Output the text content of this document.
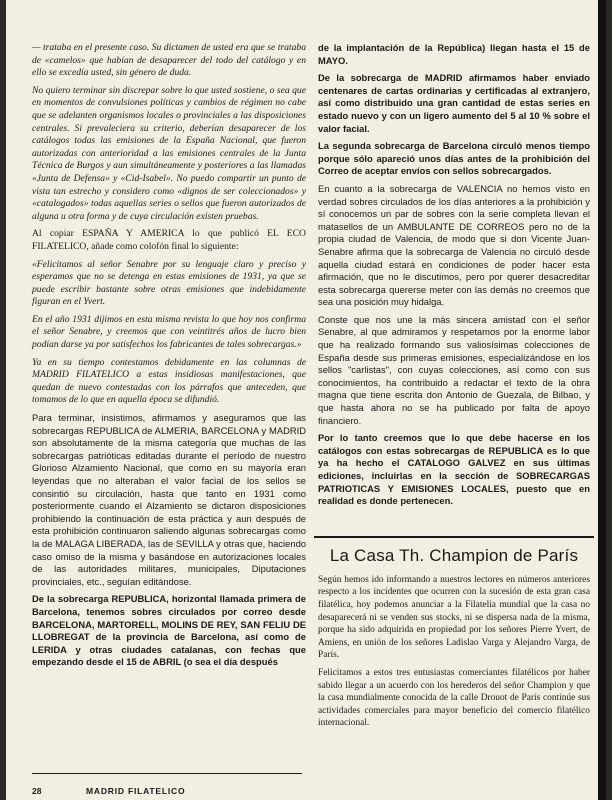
— trataba en el presente caso. Su dictamen de usted era que se trataba de «camelos» que habían de desaparecer del todo del catálogo y en ello se excedía usted, sin género de duda.

No quiero terminar sin discrepar sobre lo que usted sostiene, o sea que en momentos de convulsiones políticas y cambios de régimen no cabe que se adelanten organismos locales o provinciales a las disposiciones centrales. Si prevaleciera su criterio, deberían desaparecer de los catálogos todas las emisiones de la España Nacional, que fueron autorizadas con anterioridad a las emisiones centrales de la Junta Técnica de Burgos y aun simultáneamente y posteriores a las llamadas «Junta de Defensa» y «Cid-Isabel». No puedo compartir un punto de vista tan estrecho y considero como «dignos de ser coleccionados» y «catalogados» todas aquellas series o sellos que fueron autorizados de alguna u otra forma y de cuya circulación existen pruebas.

Al copiar ESPAÑA Y AMERICA lo que publicó EL ECO FILATELICO, añade como colofón final lo siguiente:

«Felicitamos al señor Senabre por su lenguaje claro y preciso y esperamos que no se detenga en estas emisiones de 1931, ya que se puede escribir bastante sobre otras emisiones que indebidamente figuran en el Yvert.

En el año 1931 dijimos en esta misma revista lo que hoy nos confirma el señor Senabre, y creemos que con veintitrés años de lucro bien podían darse ya por satisfechos los fabricantes de tales sobrecargas.»

Ya en su tiempo contestamos debidamente en las columnas de MADRID FILATELICO a estas insidiosas manifestaciones, que quedan de nuevo contestadas con los párrafos que anteceden, que tomamos de lo que en aquella época se difundió.

Para terminar, insistimos, afirmamos y aseguramos que las sobrecargas REPUBLICA de ALMERIA, BARCELONA y MADRID son absolutamente de la misma categoría que muchas de las sobrecargas patrióticas editadas durante el período de nuestro Glorioso Alzamiento Nacional, que como en su mayoría eran leyendas que no alteraban el valor facial de los sellos se consintió su circulación, hasta que tanto en 1931 como posteriormente cuando el Alzamiento se dictaron disposiciones prohibiendo la continuación de esta práctica y aun después de esta prohibición continuaron saliendo algunas sobrecargas como la de MALAGA LIBERADA, las de SEVILLA y otras que, haciendo caso omiso de la misma y basándose en autorizaciones locales de las autoridades militares, municipales, Diputaciones provinciales, etc., seguían editándose.

De la sobrecarga REPUBLICA, horizontal llamada primera de Barcelona, tenemos sobres circulados por correo desde BARCELONA, MARTORELL, MOLINS DE REY, SAN FELIU DE LLOBREGAT de la provincia de Barcelona, así como de LERIDA y otras ciudades catalanas, con fechas que empezando desde el 15 de ABRIL (o sea el día después

de la implantación de la República) llegan hasta el 15 de MAYO.

De la sobrecarga de MADRID afirmamos haber enviado centenares de cartas ordinarias y certificadas al extranjero, así como distribuido una gran cantidad de estas series en estado nuevo y con un ligero aumento del 5 al 10 % sobre el valor facial.

La segunda sobrecarga de Barcelona circuló menos tiempo porque sólo apareció unos días antes de la prohibición del Correo de aceptar envíos con sellos sobrecargados.

En cuanto a la sobrecarga de VALENCIA no hemos visto en verdad sobres circulados de los días anteriores a la prohibición y sí conocemos un par de sobres con la serie completa llevan el matasellos de un AMBULANTE DE CORREOS pero no de la propia ciudad de Valencia, de modo que si don Vicente Juan-Senabre afirma que la sobrecarga de Valencia no circuló desde aquella ciudad estará en condiciones de poder hacer esta afirmación, que no le discutimos, pero por querer desacreditar esta sobrecarga quererse meter con las demás no creemos que sea una posición muy hidalga.

Conste que nos une la más sincera amistad con el señor Senabre, al que admiramos y respetamos por la enorme labor que ha realizado formando sus valiosísimas colecciones de España desde sus primeras emisiones, especializándose en los sellos "carlistas", con cuyas colecciones, así como con sus conocimientos, ha contribuido a redactar el texto de la obra magna que tiene escrita don Antonio de Guezala, de Bilbao, y que hasta ahora no se ha publicado por falta de apoyo financiero.

Por lo tanto creemos que lo que debe hacerse en los catálogos con estas sobrecargas de REPUBLICA es lo que ya ha hecho el CATALOGO GALVEZ en sus últimas ediciones, incluirlas en la sección de SOBRECARGAS PATRIOTICAS Y EMISIONES LOCALES, puesto que en realidad es donde pertenecen.

La Casa Th. Champion de París

Según hemos ido informando a nuestros lectores en números anteriores respecto a los incidentes que ocurren con la sucesión de esta gran casa filatélica, hoy podemos anunciar a la Filatelia mundial que la casa no desaparecerá ni se venden sus stocks, ni se dispersa nada de la misma, porque ha sido adquirida en propiedad por los señores Pierre Yvert, de Amiens, en unión de los señores Ladislao Varga y Alejandro Varga, de París.

Felicitamos a estos tres entusiastas comerciantes filatélicos por haber sabido llegar a un acuerdo con los herederos del señor Champion y que la casa mundialmente conocida de la calle Drouot de París continúe sus actividades comerciales para mayor beneficio del comercio filatélico internacional.

28	MADRID FILATELICO
